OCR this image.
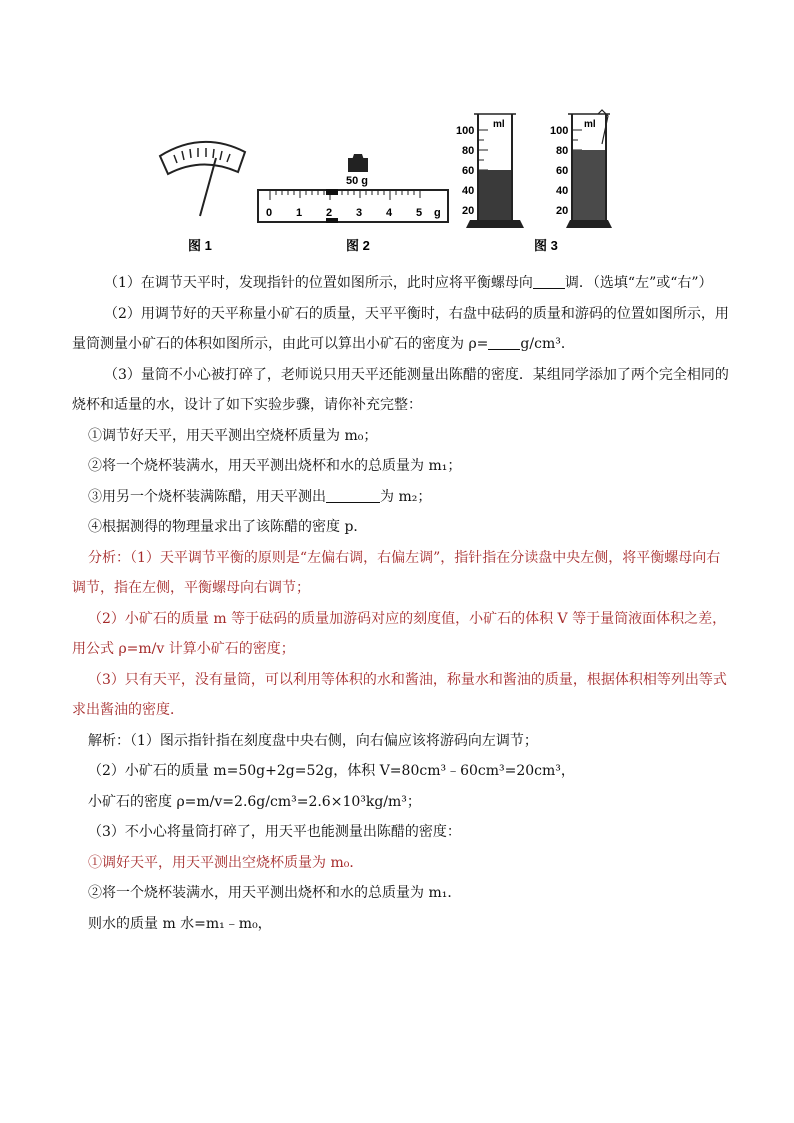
图 1
50 g
0 1 2 3 4 5 g
图 2
100
80
60
40
20
ml
100
80
60
40
20
ml
图 3

（1）在调节天平时，发现指针的位置如图所示，此时应将平衡螺母向 调．（选填“左”或“右”）

（2）用调节好的天平称量小矿石的质量，天平平衡时，右盘中砝码的质量和游码的位置如图所示，用量筒测量小矿石的体积如图所示，由此可以算出小矿石的密度为 ρ= g/cm³．

（3）量筒不小心被打碎了，老师说只用天平还能测量出陈醋的密度．某组同学添加了两个完全相同的烧杯和适量的水，设计了如下实验步骤，请你补充完整：

①调节好天平，用天平测出空烧杯质量为 m₀；

②将一个烧杯装满水，用天平测出烧杯和水的总质量为 m₁；

③用另一个烧杯装满陈醋，用天平测出	为 m₂；

④根据测得的物理量求出了该陈醋的密度 p．

分析：（1）天平调节平衡的原则是“左偏右调，右偏左调”，指针指在分读盘中央左侧，将平衡螺母向右调节，指在左侧，平衡螺母向右调节；

（2）小矿石的质量 m 等于砝码的质量加游码对应的刻度值，小矿石的体积 V 等于量筒液面体积之差，用公式 ρ=m/v 计算小矿石的密度；

（3）只有天平，没有量筒，可以利用等体积的水和酱油，称量水和酱油的质量，根据体积相等列出等式求出酱油的密度．

解析：（1）图示指针指在刻度盘中央右侧，向右偏应该将游码向左调节；

（2）小矿石的质量 m=50g+2g=52g，体积 V=80cm³﹣60cm³=20cm³，

小矿石的密度 ρ=m/v=2.6g/cm³=2.6×10³kg/m³；

（3）不小心将量筒打碎了，用天平也能测量出陈醋的密度：

①调好天平，用天平测出空烧杯质量为 m₀．

②将一个烧杯装满水，用天平测出烧杯和水的总质量为 m₁．

则水的质量 m 水=m₁﹣m₀，
